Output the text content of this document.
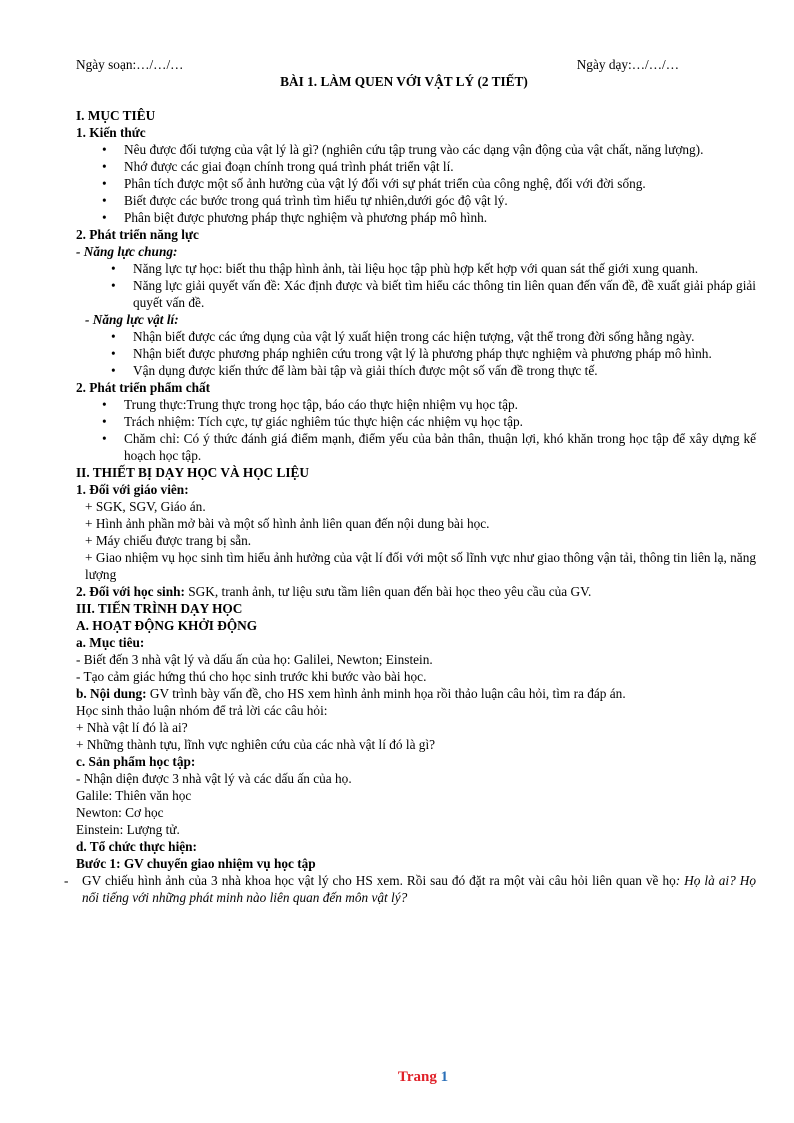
Ngày soạn:…/…/…	Ngày dạy:…/…/…
BÀI 1. LÀM QUEN VỚI VẬT LÝ (2 TIẾT)
I. MỤC TIÊU
1. Kiến thức
• Nêu được đối tượng của vật lý là gì? (nghiên cứu tập trung vào các dạng vận động của vật chất, năng lượng).
• Nhớ được các giai đoạn chính trong quá trình phát triển vật lí.
• Phân tích được một số ảnh hưởng của vật lý đối với sự phát triển của công nghệ, đối với đời sống.
• Biết được các bước trong quá trình tìm hiểu tự nhiên,dưới góc độ vật lý.
• Phân biệt được phương pháp thực nghiệm và phương pháp mô hình.
2. Phát triển năng lực
- Năng lực chung:
• Năng lực tự học: biết thu thập hình ảnh, tài liệu học tập phù hợp kết hợp với quan sát thế giới xung quanh.
• Năng lực giải quyết vấn đề: Xác định được và biết tìm hiểu các thông tin liên quan đến vấn đề, đề xuất giải pháp giải quyết vấn đề.
- Năng lực vật lí:
• Nhận biết được các ứng dụng của vật lý xuất hiện trong các hiện tượng, vật thể trong đời sống hằng ngày.
• Nhận biết được phương pháp nghiên cứu trong vật lý là phương pháp thực nghiệm và phương pháp mô hình.
• Vận dụng được kiến thức để làm bài tập và giải thích được một số vấn đề trong thực tế.
2. Phát triển phẩm chất
• Trung thực:Trung thực trong học tập, báo cáo thực hiện nhiệm vụ học tập.
• Trách nhiệm: Tích cực, tự giác nghiêm túc thực hiện các nhiệm vụ học tập.
• Chăm chỉ: Có ý thức đánh giá điểm mạnh, điểm yếu của bản thân, thuận lợi, khó khăn trong học tập để xây dựng kế hoạch học tập.
II. THIẾT BỊ DẠY HỌC VÀ HỌC LIỆU
1. Đối với giáo viên:
+ SGK, SGV, Giáo án.
+ Hình ảnh phần mở bài và một số hình ảnh liên quan đến nội dung bài học.
+ Máy chiếu được trang bị sẵn.
+ Giao nhiệm vụ học sinh tìm hiểu ảnh hưởng của vật lí đối với một số lĩnh vực như giao thông vận tải, thông tin liên lạ, năng lượng
2. Đối với học sinh: SGK, tranh ảnh, tư liệu sưu tầm liên quan đến bài học theo yêu cầu của GV.
III. TIẾN TRÌNH DẠY HỌC
A. HOẠT ĐỘNG KHỞI ĐỘNG
a. Mục tiêu:
- Biết đến 3 nhà vật lý và dấu ấn của họ: Galilei, Newton; Einstein.
- Tạo cảm giác hứng thú cho học sinh trước khi bước vào bài học.
b. Nội dung: GV trình bày vấn đề, cho HS xem hình ảnh minh họa rồi thảo luận câu hỏi, tìm ra đáp án.
Học sinh thảo luận nhóm để trả lời các câu hỏi:
+ Nhà vật lí đó là ai?
+ Những thành tựu, lĩnh vực nghiên cứu của các nhà vật lí đó là gì?
c. Sản phẩm học tập:
- Nhận diện được 3 nhà vật lý và các dấu ấn của họ.
Galile: Thiên văn học
Newton: Cơ học
Einstein: Lượng tử.
d. Tổ chức thực hiện:
Bước 1: GV chuyển giao nhiệm vụ học tập
- GV chiếu hình ảnh của 3 nhà khoa học vật lý cho HS xem. Rồi sau đó đặt ra một vài câu hỏi liên quan về họ: Họ là ai? Họ nổi tiếng với những phát minh nào liên quan đến môn vật lý?
Trang 1
